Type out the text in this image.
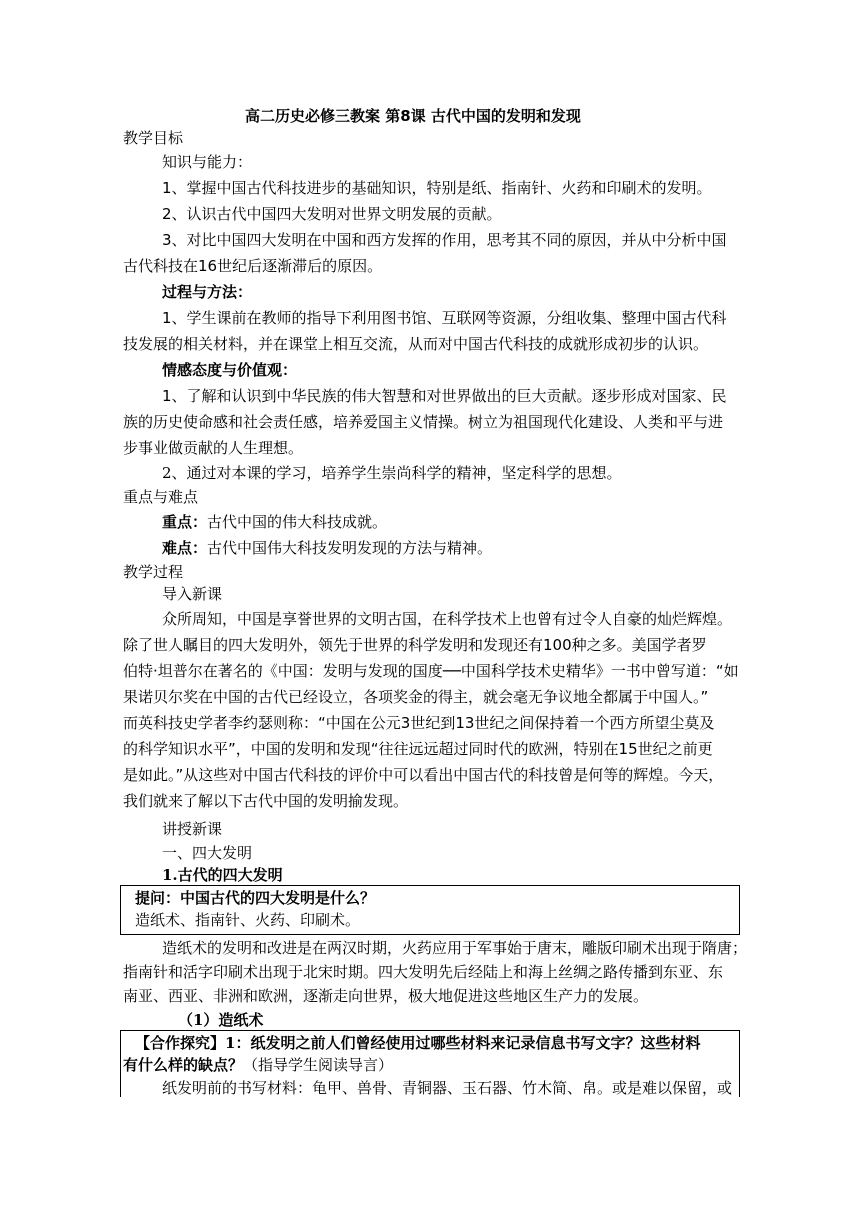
高二历史必修三教案 第8课 古代中国的发明和发现
教学目标
知识与能力：
1、掌握中国古代科技进步的基础知识，特别是纸、指南针、火药和印刷术的发明。
2、认识古代中国四大发明对世界文明发展的贡献。
3、对比中国四大发明在中国和西方发挥的作用，思考其不同的原因，并从中分析中国
古代科技在16世纪后逐渐滞后的原因。
过程与方法：
1、学生课前在教师的指导下利用图书馆、互联网等资源，分组收集、整理中国古代科
技发展的相关材料，并在课堂上相互交流，从而对中国古代科技的成就形成初步的认识。
情感态度与价值观：
1、了解和认识到中华民族的伟大智慧和对世界做出的巨大贡献。逐步形成对国家、民
族的历史使命感和社会责任感，培养爱国主义情操。树立为祖国现代化建设、人类和平与进
步事业做贡献的人生理想。
2、通过对本课的学习，培养学生崇尚科学的精神，坚定科学的思想。
重点与难点
重点：古代中国的伟大科技成就。
难点：古代中国伟大科技发明发现的方法与精神。
教学过程
导入新课
众所周知，中国是享誉世界的文明古国，在科学技术上也曾有过令人自豪的灿烂辉煌。
除了世人瞩目的四大发明外，领先于世界的科学发明和发现还有100种之多。美国学者罗
伯特·坦普尔在著名的《中国：发明与发现的国度──中国科学技术史精华》一书中曾写道：“如
果诺贝尔奖在中国的古代已经设立，各项奖金的得主，就会毫无争议地全都属于中国人。”
而英科技史学者李约瑟则称：“中国在公元3世纪到13世纪之间保持着一个西方所望尘莫及
的科学知识水平”，中国的发明和发现“往往远远超过同时代的欧洲，特别在15世纪之前更
是如此。”从这些对中国古代科技的评价中可以看出中国古代的科技曾是何等的辉煌。今天，
我们就来了解以下古代中国的发明揄发现。
讲授新课
一、四大发明
1.古代的四大发明
提问：中国古代的四大发明是什么？
造纸术、指南针、火药、印刷术。
造纸术的发明和改进是在两汉时期，火药应用于军事始于唐末，雕版印刷术出现于隋唐；
指南针和活字印刷术出现于北宋时期。四大发明先后经陆上和海上丝绸之路传播到东亚、东
南亚、西亚、非洲和欧洲，逐渐走向世界，极大地促进这些地区生产力的发展。
（1）造纸术
【合作探究】1：纸发明之前人们曾经使用过哪些材料来记录信息书写文字？这些材料
有什么样的缺点？（指导学生阅读导言）
纸发明前的书写材料：龟甲、兽骨、青铜器、玉石器、竹木简、帛。或是难以保留，或
